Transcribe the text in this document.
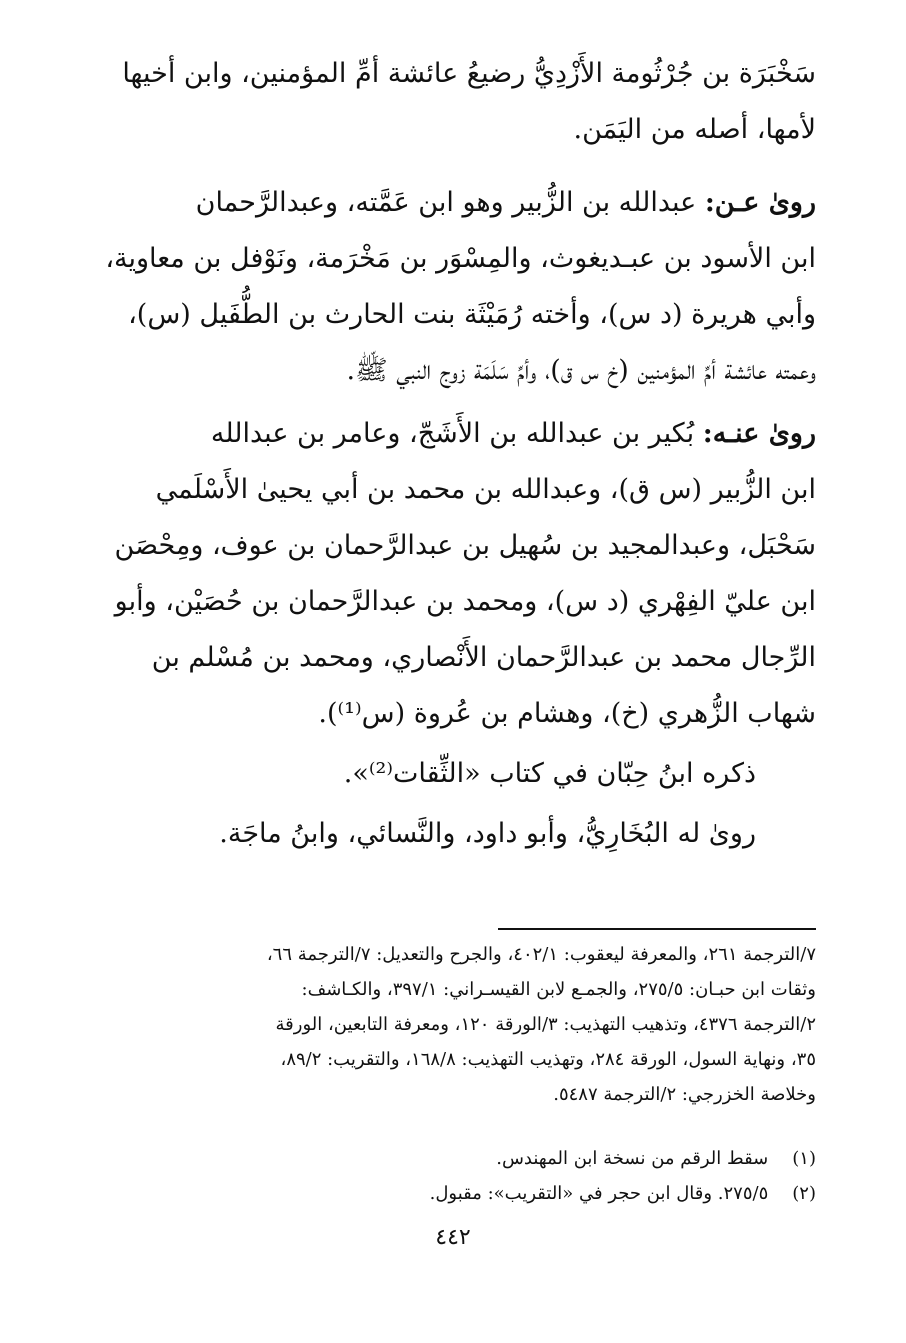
سَخْبَرَة بن جُرْثُومة الأَزْدِيُّ رضيعُ عائشة أمِّ المؤمنين، وابن أخيها
لأمها، أصله من اليَمَن.
روىٰ عـن: عبدالله بن الزُّبير وهو ابن عَمَّته، وعبدالرَّحمان
ابن الأسود بن عبـديغوث، والمِسْوَر بن مَخْرَمة، ونَوْفل بن معاوية،
وأبي هريرة (د س)، وأخته رُمَيْثَة بنت الحارث بن الطُّفَيل (س)،
وعمته عائشة أمِّ المؤمنين (خ س ق)، وأمِّ سَلَمَة زوج النبي ﷺ.
روىٰ عنـه: بُكير بن عبدالله بن الأَشَجّ، وعامر بن عبدالله
ابن الزُّبير (س ق)، وعبدالله بن محمد بن أبي يحيىٰ الأَسْلَمي
سَحْبَل، وعبدالمجيد بن سُهيل بن عبدالرَّحمان بن عوف، ومِحْصَن
ابن عليّ الفِهْري (د س)، ومحمد بن عبدالرَّحمان بن حُصَيْن، وأبو
الرِّجال محمد بن عبدالرَّحمان الأَنْصاري، ومحمد بن مُسْلم بن
شهاب الزُّهري (خ)، وهشام بن عُروة (س⁽¹⁾).
ذكره ابنُ حِبّان في كتاب «الثِّقات⁽²⁾».
روىٰ له البُخَارِيُّ، وأبو داود، والنَّسائي، وابنُ ماجَة.
٧/الترجمة ٢٦١، والمعرفة ليعقوب: ٤٠٢/١، والجرح والتعديل: ٧/الترجمة ٦٦،
وثقات ابن حبـان: ٢٧٥/٥، والجمـع لابن القيسـراني: ٣٩٧/١، والكـاشف:
٢/الترجمة ٤٣٧٦، وتذهيب التهذيب: ٣/الورقة ١٢٠، ومعرفة التابعين، الورقة
٣٥، ونهاية السول، الورقة ٢٨٤، وتهذيب التهذيب: ١٦٨/٨، والتقريب: ٨٩/٢،
وخلاصة الخزرجي: ٢/الترجمة ٥٤٨٧.
(١) سقط الرقم من نسخة ابن المهندس.
(٢) ٢٧٥/٥. وقال ابن حجر في «التقريب»: مقبول.
٤٤٢
